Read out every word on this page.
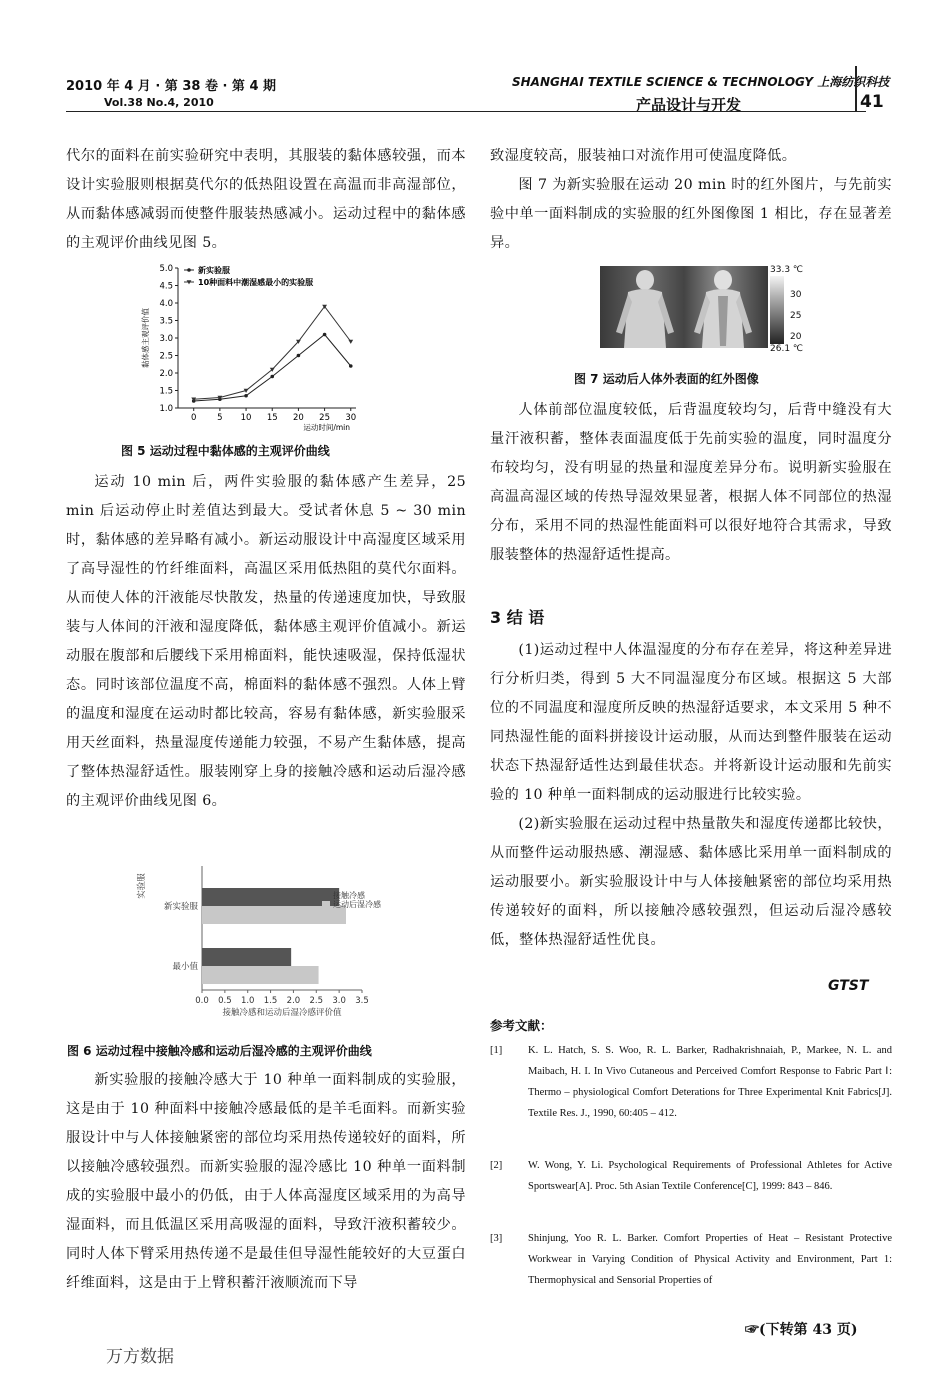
2010 年 4 月 · 第 38 卷 · 第 4 期
Vol.38 No.4, 2010
SHANGHAI TEXTILE SCIENCE & TECHNOLOGY 上海纺织科技
产品设计与开发	41

代尔的面料在前实验研究中表明，其服装的黏体感较强，而本设计实验服则根据莫代尔的低热阻设置在高温而非高湿部位，从而黏体感减弱而使整件服装热感减小。运动过程中的黏体感的主观评价曲线见图 5。

1.0
1.5
2.0
2.5
3.0
3.5
4.0
4.5
5.0
0 5 10 15 20 25 30
运动时间/min
黏体感主观评价值
新实验服
10种面料中潮湿感最小的实验服
图 5 运动过程中黏体感的主观评价曲线

运动 10 min 后，两件实验服的黏体感产生差异，25 min 后运动停止时差值达到最大。受试者休息 5 ~ 30 min 时，黏体感的差异略有减小。新运动服设计中高湿度区域采用了高导湿性的竹纤维面料，高温区采用低热阻的莫代尔面料。从而使人体的汗液能尽快散发，热量的传递速度加快，导致服装与人体间的汗液和湿度降低，黏体感主观评价值减小。新运动服在腹部和后腰线下采用棉面料，能快速吸湿，保持低湿状态。同时该部位温度不高，棉面料的黏体感不强烈。人体上臂的温度和湿度在运动时都比较高，容易有黏体感，新实验服采用天丝面料，热量湿度传递能力较强，不易产生黏体感，提高了整体热湿舒适性。服装刚穿上身的接触冷感和运动后湿冷感的主观评价曲线见图 6。

0.0 0.5 1.0 1.5 2.0 2.5 3.0 3.5
接触冷感和运动后湿冷感评价值
实验服
新实验服
最小值
接触冷感
运动后湿冷感
图 6 运动过程中接触冷感和运动后湿冷感的主观评价曲线

新实验服的接触冷感大于 10 种单一面料制成的实验服，这是由于 10 种面料中接触冷感最低的是羊毛面料。而新实验服设计中与人体接触紧密的部位均采用热传递较好的面料，所以接触冷感较强烈。而新实验服的湿冷感比 10 种单一面料制成的实验服中最小的仍低，由于人体高湿度区域采用的为高导湿面料，而且低温区采用高吸湿的面料，导致汗液积蓄较少。同时人体下臂采用热传递不是最佳但导湿性能较好的大豆蛋白纤维面料，这是由于上臂积蓄汗液顺流而下导

致湿度较高，服装袖口对流作用可使温度降低。

图 7 为新实验服在运动 20 min 时的红外图片，与先前实验中单一面料制成的实验服的红外图像图 1 相比，存在显著差异。

33.3 ℃
30
25
20
26.1 ℃
图 7 运动后人体外表面的红外图像

人体前部位温度较低，后背温度较均匀，后背中缝没有大量汗液积蓄，整体表面温度低于先前实验的温度，同时温度分布较均匀，没有明显的热量和湿度差异分布。说明新实验服在高温高湿区域的传热导湿效果显著，根据人体不同部位的热湿分布，采用不同的热湿性能面料可以很好地符合其需求，导致服装整体的热湿舒适性提高。

3 结 语

(1)运动过程中人体温湿度的分布存在差异，将这种差异进行分析归类，得到 5 大不同温湿度分布区域。根据这 5 大部位的不同温度和湿度所反映的热湿舒适要求，本文采用 5 种不同热湿性能的面料拼接设计运动服，从而达到整件服装在运动状态下热湿舒适性达到最佳状态。并将新设计运动服和先前实验的 10 种单一面料制成的运动服进行比较实验。

(2)新实验服在运动过程中热量散失和湿度传递都比较快，从而整件运动服热感、潮湿感、黏体感比采用单一面料制成的运动服要小。新实验服设计中与人体接触紧密的部位均采用热传递较好的面料，所以接触冷感较强烈，但运动后湿冷感较低，整体热湿舒适性优良。

GTST
参考文献：
[1] K. L. Hatch, S. S. Woo, R. L. Barker, Radhakrishnaiah, P., Markee, N. L. and Maibach, H. I. In Vivo Cutaneous and Perceived Comfort Response to Fabric Part Ⅰ: Thermo – physiological Comfort Deterations for Three Experimental Knit Fabrics[J]. Textile Res. J., 1990, 60:405 – 412.
[2] W. Wong, Y. Li. Psychological Requirements of Professional Athletes for Active Sportswear[A]. Proc. 5th Asian Textile Conference[C], 1999: 843 – 846.
[3] Shinjung, Yoo R. L. Barker. Comfort Properties of Heat – Resistant Protective Workwear in Varying Condition of Physical Activity and Environment, Part 1: Thermophysical and Sensorial Properties of
☞(下转第 43 页)
万方数据
